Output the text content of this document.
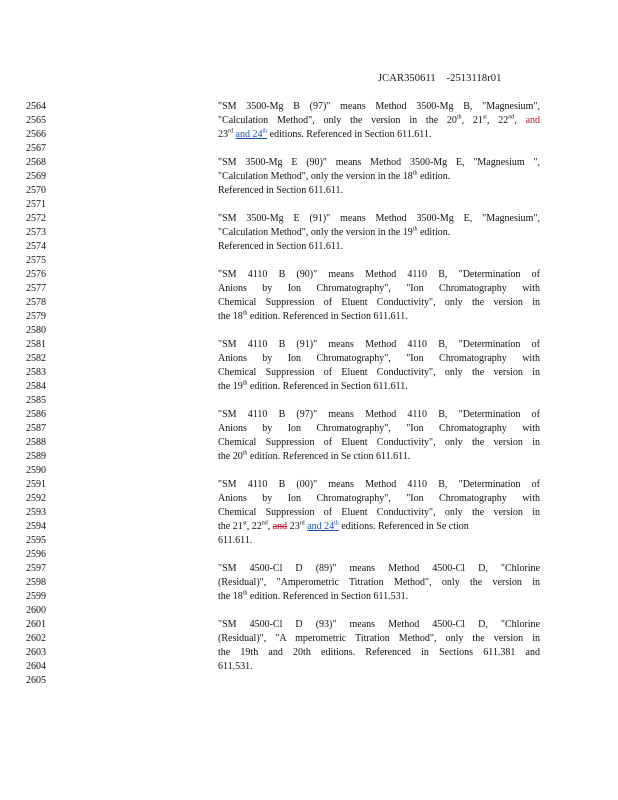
JCAR350611 -2513118r01
2564
2565
2566
2567
2568
2569
2570
2571
2572
2573
2574
2575
2576
2577
2578
2579
2580
2581
2582
2583
2584
2585
2586
2587
2588
2589
2590
2591
2592
2593
2594
2595
2596
2597
2598
2599
2600
2601
2602
2603
2604
2605
"SM 3500-Mg B (97)" means Method 3500-Mg B, "Magnesium",
"Calculation Method", only the version in the 20th, 21st, 22nd, and
23rd and 24th editions. Referenced in Section 611.611.
"SM 3500-Mg E (90)" means Method 3500-Mg E, "Magnesium ",
"Calculation Method", only the version in the 18th edition.
Referenced in Section 611.611.
"SM 3500-Mg E (91)" means Method 3500-Mg E, "Magnesium",
"Calculation Method", only the version in the 19th edition.
Referenced in Section 611.611.
"SM 4110 B (90)" means Method 4110 B, "Determination of
Anions by Ion Chromatography", "Ion Chromatography with
Chemical Suppression of Eluent Conductivity", only the version in
the 18th edition. Referenced in Section 611.611.
"SM 4110 B (91)" means Method 4110 B, "Determination of
Anions by Ion Chromatography", "Ion Chromatography with
Chemical Suppression of Eluent Conductivity", only the version in
the 19th edition. Referenced in Section 611.611.
"SM 4110 B (97)" means Method 4110 B, "Determination of
Anions by Ion Chromatography", "Ion Chromatography with
Chemical Suppression of Eluent Conductivity", only the version in
the 20th edition. Referenced in Se ction 611.611.
"SM 4110 B (00)" means Method 4110 B, "Determination of
Anions by Ion Chromatography", "Ion Chromatography with
Chemical Suppression of Eluent Conductivity", only the version in
the 21st, 22nd, and 23rd and 24th editions. Referenced in Se ction
611.611.
"SM 4500-Cl D (89)" means Method 4500-Cl D, "Chlorine
(Residual)", "Amperometric Titration Method", only the version in
the 18th edition. Referenced in Section 611.531.
"SM 4500-Cl D (93)" means Method 4500-Cl D, "Chlorine
(Residual)", "A mperometric Titration Method", only the version in
the 19th and 20th editions. Referenced in Sections 611.381 and
611.531.
